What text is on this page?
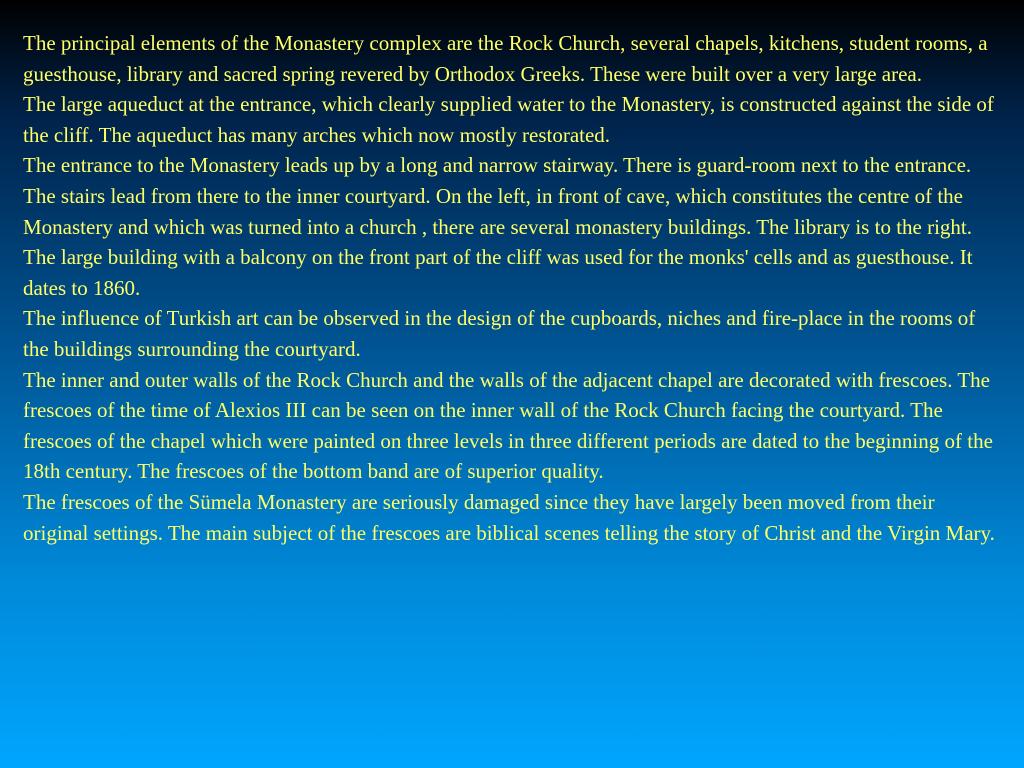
The principal elements of the Monastery complex are the Rock Church, several chapels, kitchens, student rooms, a guesthouse, library and sacred spring revered by Orthodox Greeks. These were built over a very large area.

The large aqueduct at the entrance, which clearly supplied water to the Monastery, is constructed against the side of the cliff. The aqueduct has many arches which now mostly restorated.

The entrance to the Monastery leads up by a long and narrow stairway. There is guard-room next to the entrance. The stairs lead from there to the inner courtyard. On the left, in front of cave, which constitutes the centre of the Monastery and which was turned into a church , there are several monastery buildings. The library is to the right.

The large building with a balcony on the front part of the cliff was used for the monks' cells and as guesthouse. It dates to 1860.

The influence of Turkish art can be observed in the design of the cupboards, niches and fire-place in the rooms of the buildings surrounding the courtyard.

The inner and outer walls of the Rock Church and the walls of the adjacent chapel are decorated with frescoes. The frescoes of the time of Alexios III can be seen on the inner wall of the Rock Church facing the courtyard. The frescoes of the chapel which were painted on three levels in three different periods are dated to the beginning of the 18th century. The frescoes of the bottom band are of superior quality.

The frescoes of the Sümela Monastery are seriously damaged since they have largely been moved from their original settings. The main subject of the frescoes are biblical scenes telling the story of Christ and the Virgin Mary.
